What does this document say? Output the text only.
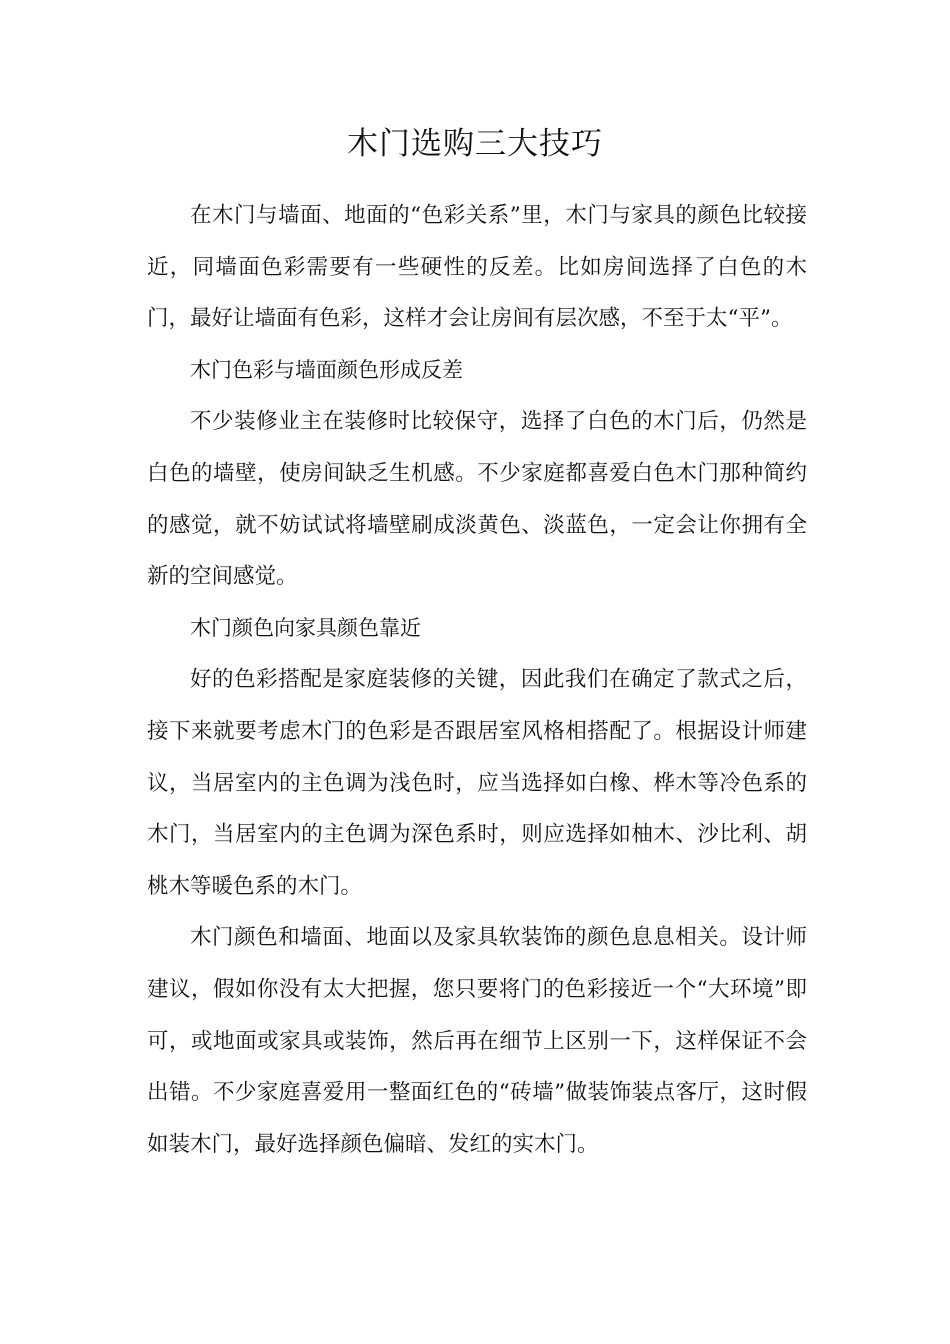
木门选购三大技巧

在木门与墙面、地面的“色彩关系”里，木门与家具的颜色比较接近，同墙面色彩需要有一些硬性的反差。比如房间选择了白色的木门，最好让墙面有色彩，这样才会让房间有层次感，不至于太“平”。

木门色彩与墙面颜色形成反差

不少装修业主在装修时比较保守，选择了白色的木门后，仍然是白色的墙壁，使房间缺乏生机感。不少家庭都喜爱白色木门那种简约的感觉，就不妨试试将墙壁刷成淡黄色、淡蓝色，一定会让你拥有全新的空间感觉。

木门颜色向家具颜色靠近

好的色彩搭配是家庭装修的关键，因此我们在确定了款式之后，接下来就要考虑木门的色彩是否跟居室风格相搭配了。根据设计师建议，当居室内的主色调为浅色时，应当选择如白橡、桦木等冷色系的木门，当居室内的主色调为深色系时，则应选择如柚木、沙比利、胡桃木等暖色系的木门。

木门颜色和墙面、地面以及家具软装饰的颜色息息相关。设计师建议，假如你没有太大把握，您只要将门的色彩接近一个“大环境”即可，或地面或家具或装饰，然后再在细节上区别一下，这样保证不会出错。不少家庭喜爱用一整面红色的“砖墙”做装饰装点客厅，这时假如装木门，最好选择颜色偏暗、发红的实木门。
